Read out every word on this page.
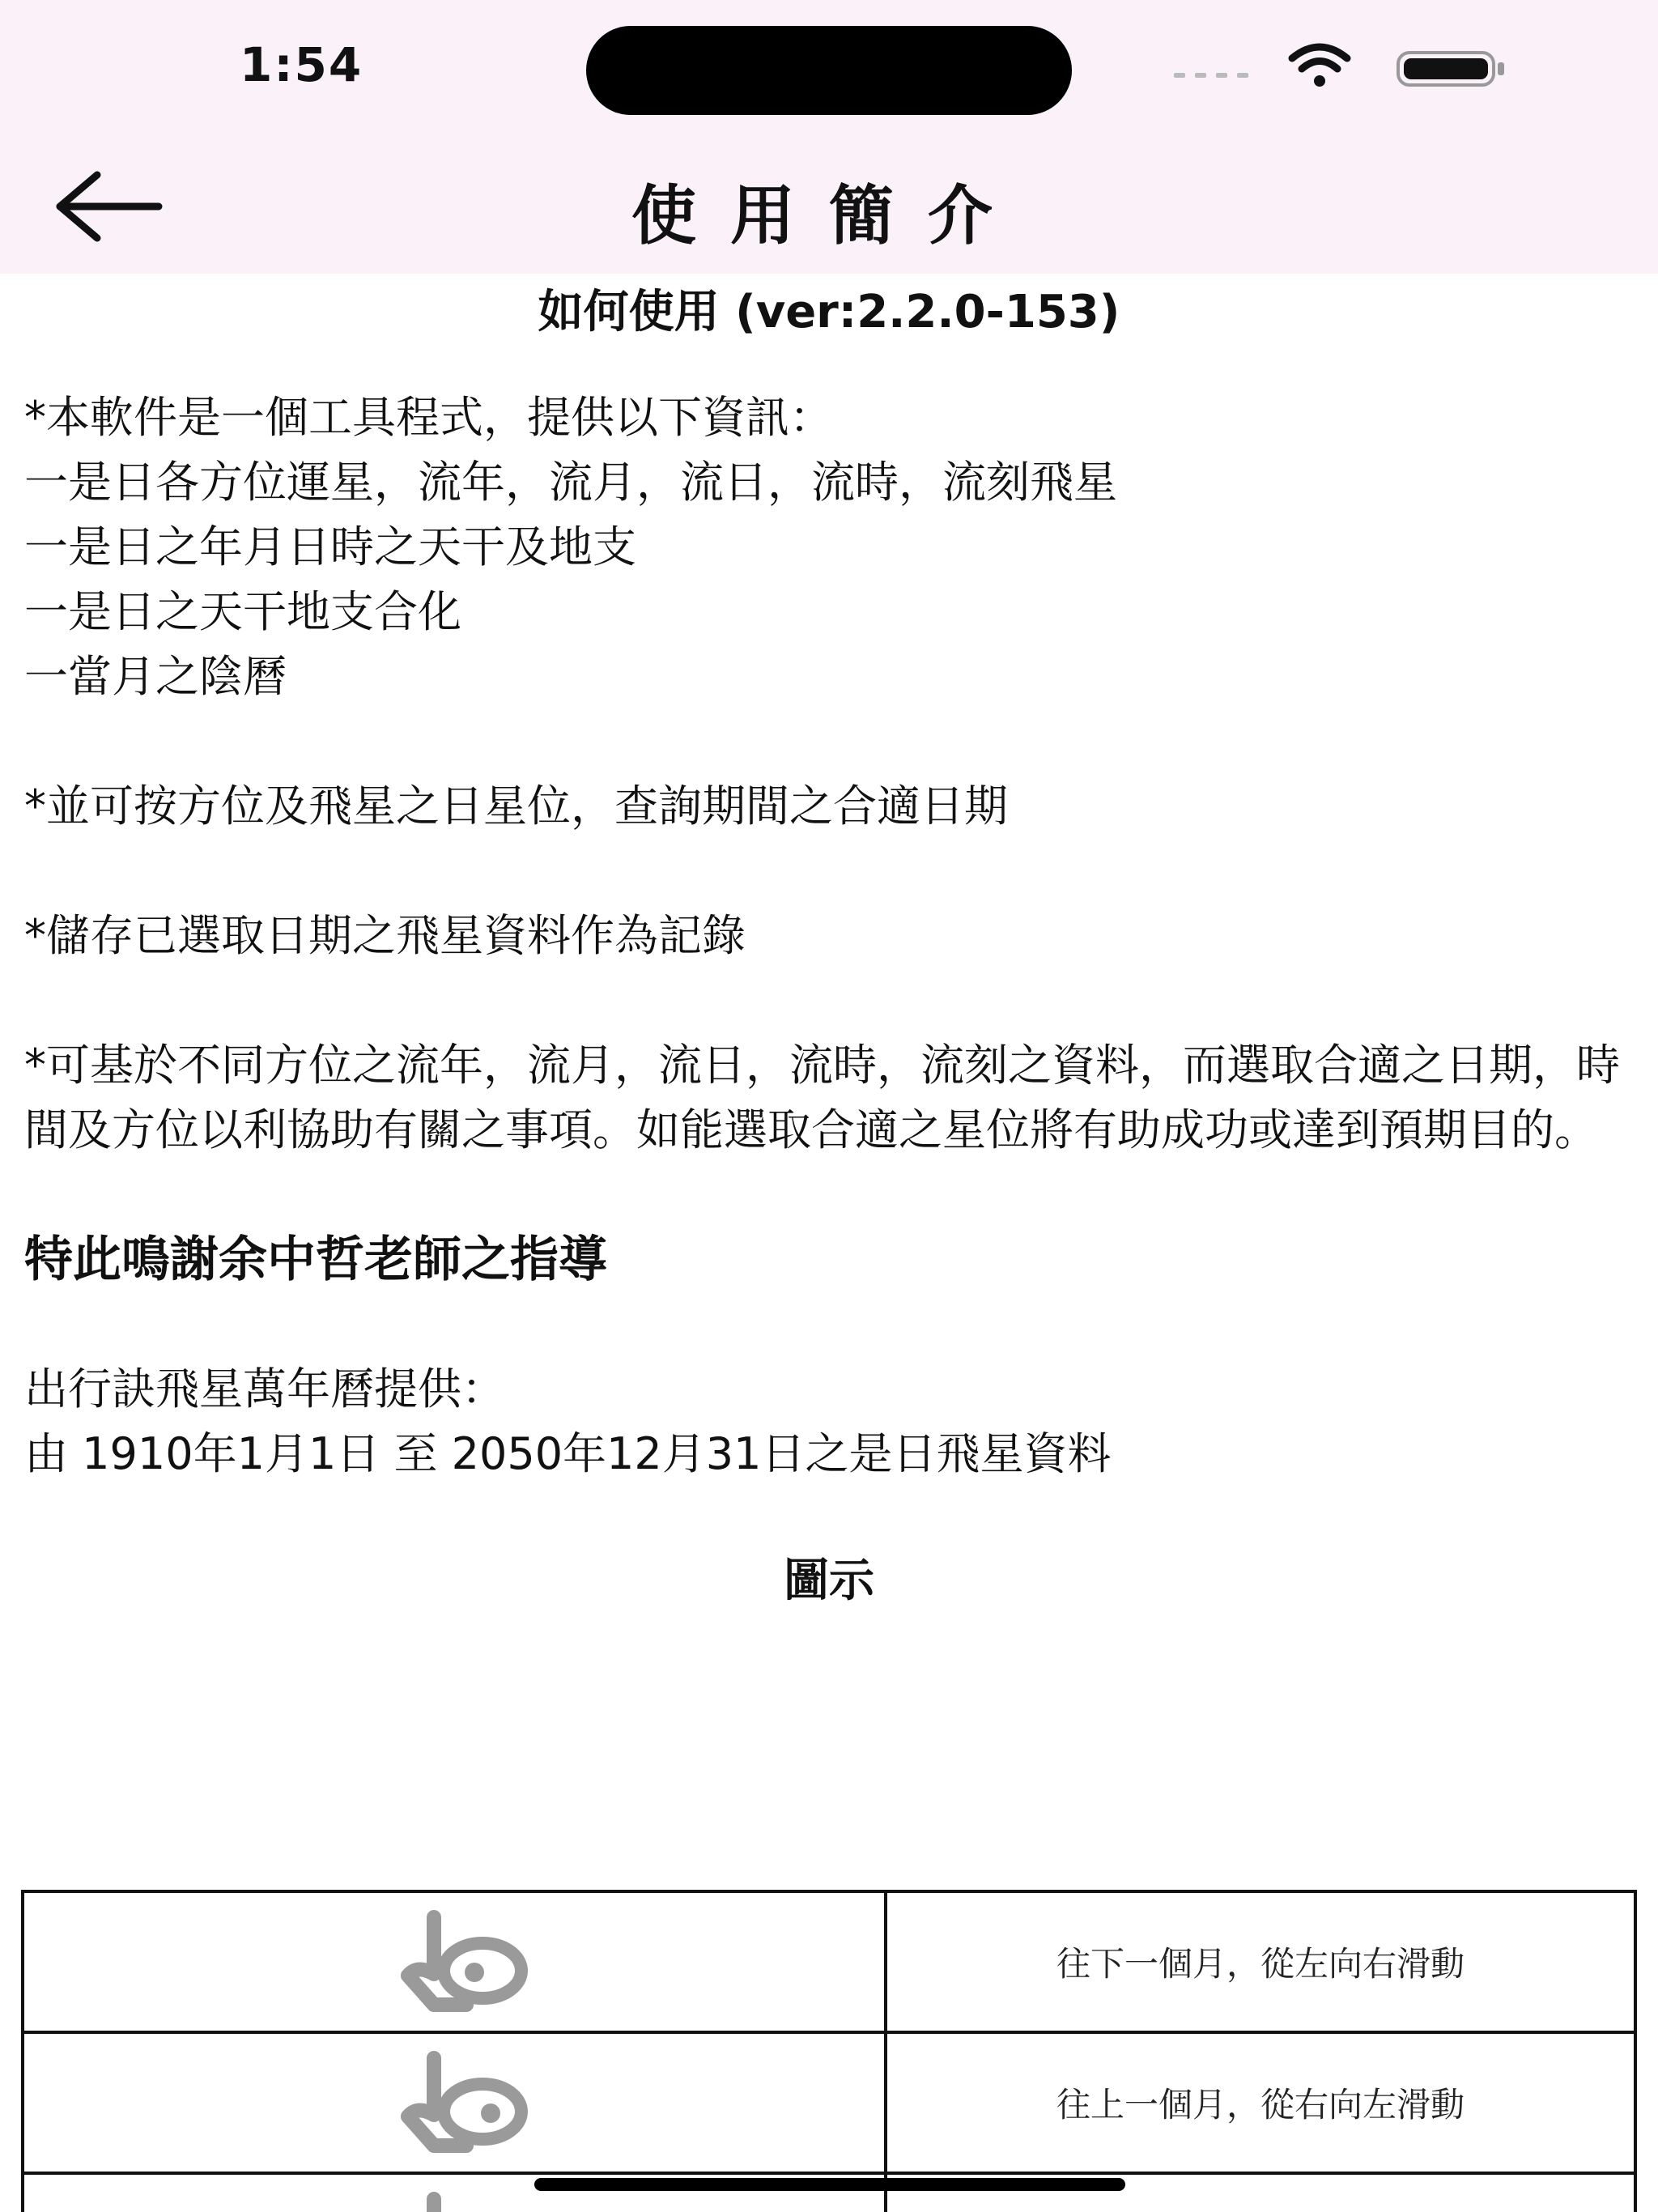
1:54
使用簡介
如何使用 (ver:2.2.0-153)

*本軟件是一個工具程式，提供以下資訊：

一是日各方位運星，流年，流月，流日，流時，流刻飛星

一是日之年月日時之天干及地支

一是日之天干地支合化

一當月之陰曆

*並可按方位及飛星之日星位，查詢期間之合適日期

*儲存已選取日期之飛星資料作為記錄

*可基於不同方位之流年，流月，流日，流時，流刻之資料，而選取合適之日期，時間及方位以利協助有關之事項。如能選取合適之星位將有助成功或達到預期目的。

特此鳴謝余中哲老師之指導

出行訣飛星萬年曆提供：

由 1910年1月1日 至 2050年12月31日之是日飛星資料

圖示
	往下一個月，從左向右滑動
	往上一個月，從右向左滑動
